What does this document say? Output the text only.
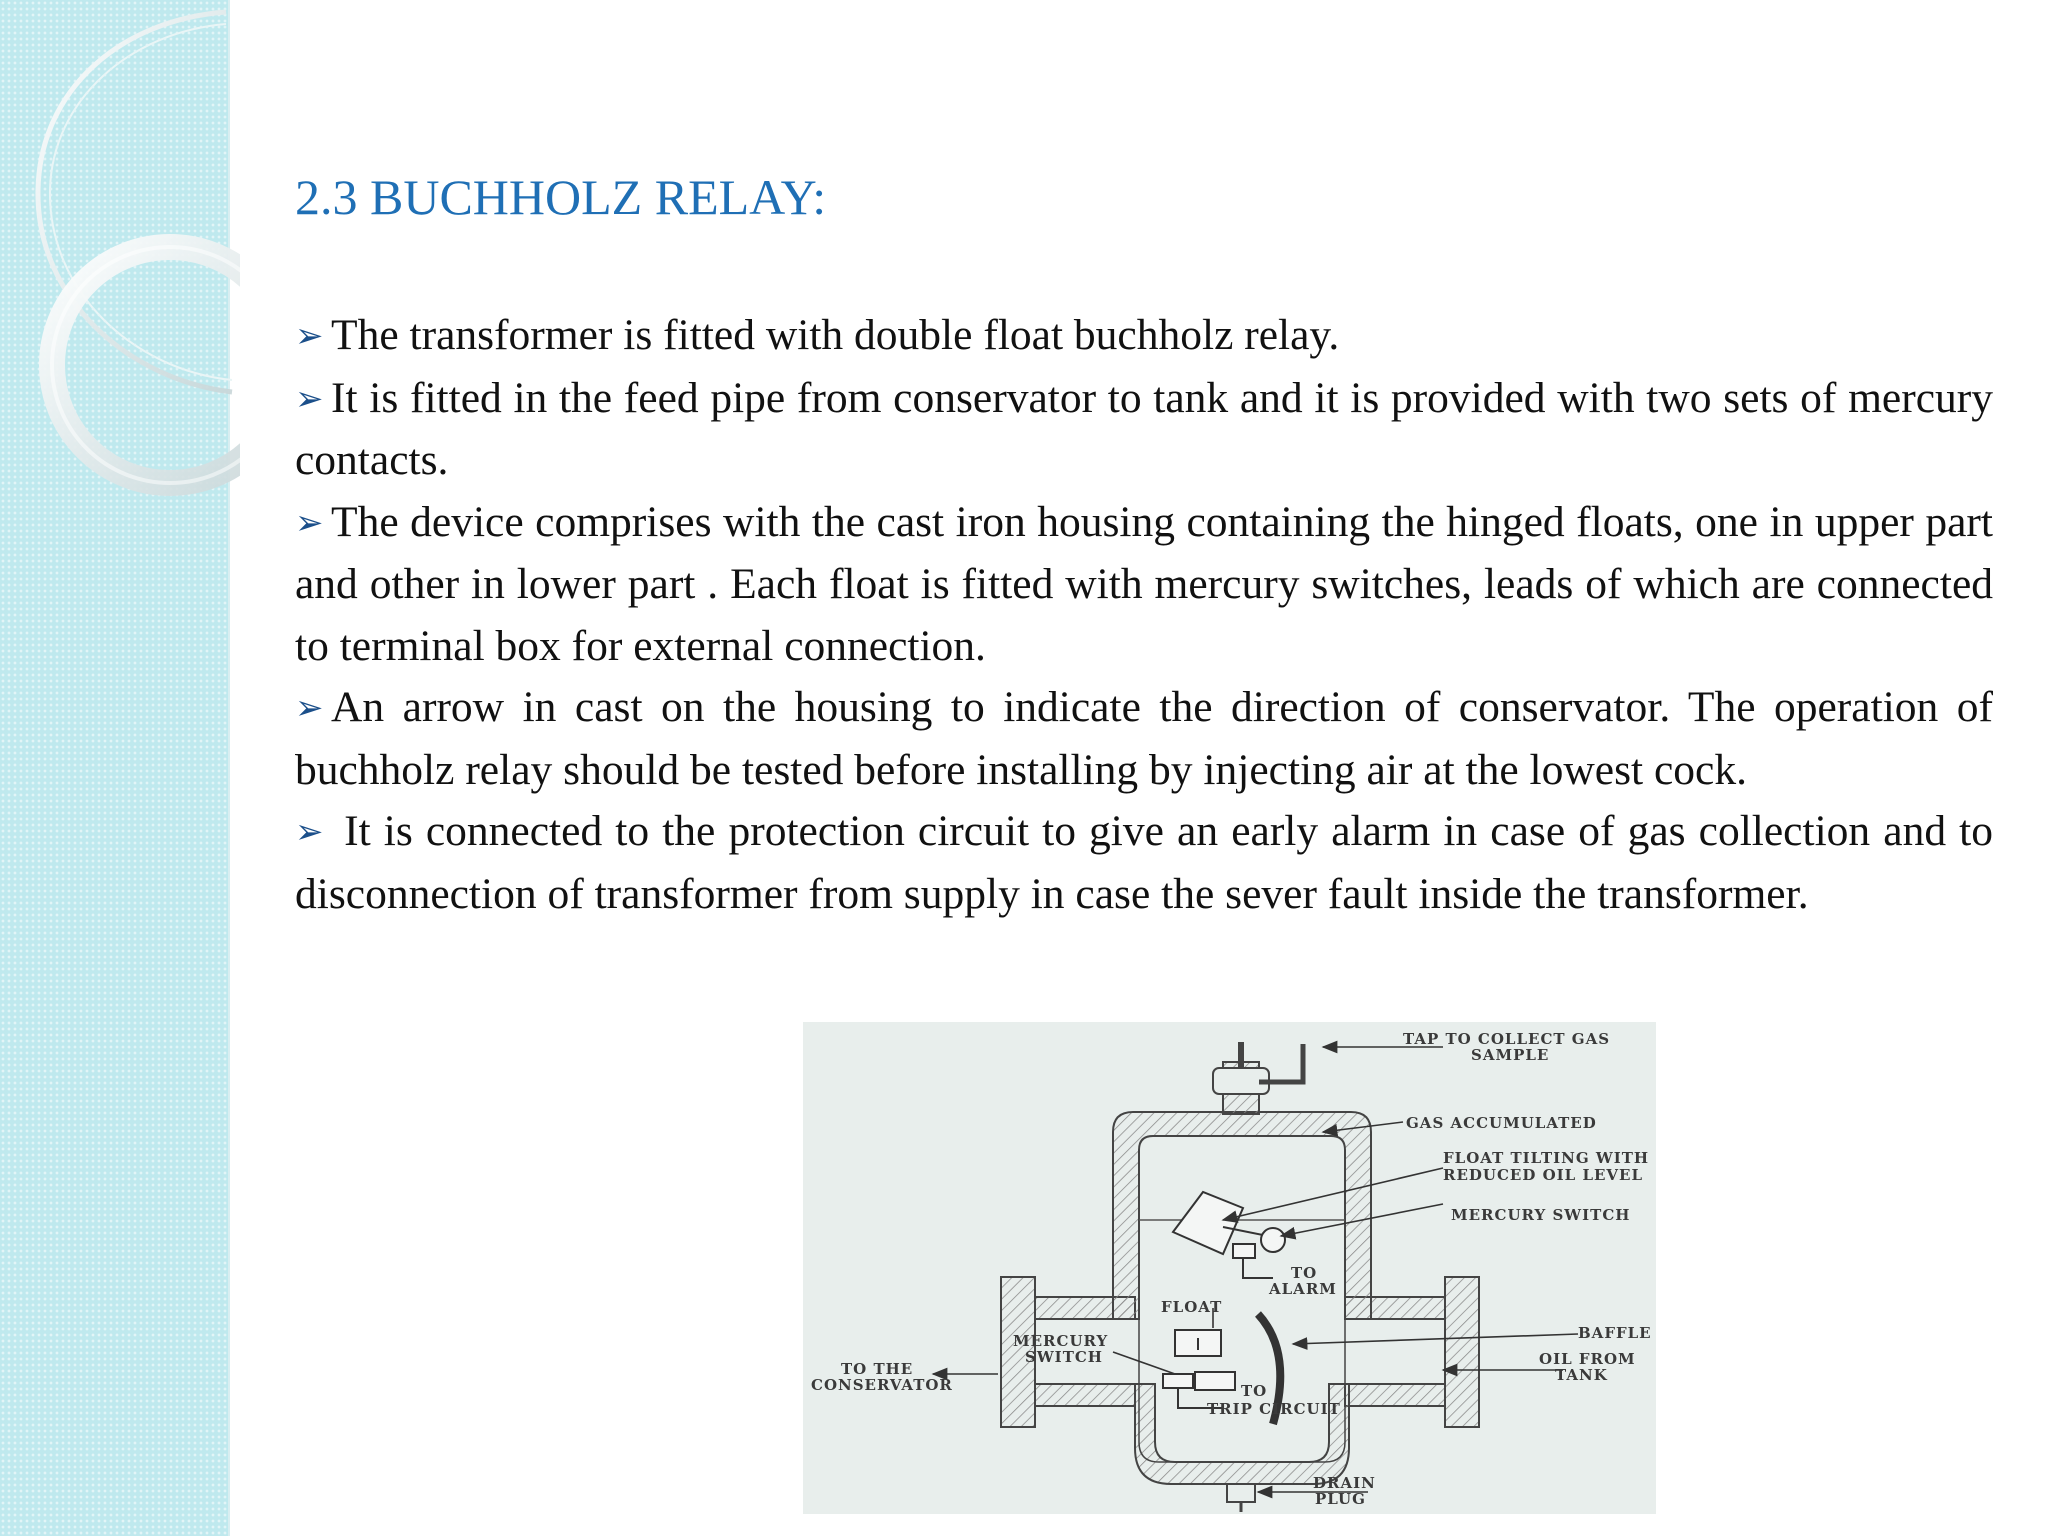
2.3 BUCHHOLZ RELAY:

➢ The transformer is fitted with double float buchholz relay.

➢ It is fitted in the feed pipe from conservator to tank and it is provided with two sets of mercury contacts.

➢ The device comprises with the cast iron housing containing the hinged floats, one in upper part and other in lower part . Each float is fitted with mercury switches, leads of which are connected to terminal box for external connection.

➢ An arrow in cast on the housing to indicate the direction of conservator. The operation of buchholz relay should be tested before installing by injecting air at the lowest cock.

➢ It is connected to the protection circuit to give an early alarm in case of gas collection and to disconnection of transformer from supply in case the sever fault inside the transformer.

TAP TO COLLECT GAS
SAMPLE
GAS ACCUMULATED
FLOAT TILTING WITH
REDUCED OIL LEVEL
MERCURY SWITCH
TO
ALARM
FLOAT
MERCURY
SWITCH
BAFFLE
OIL FROM
TANK
TO THE
CONSERVATOR	TO
TRIP CIRCUIT
DRAIN
PLUG
